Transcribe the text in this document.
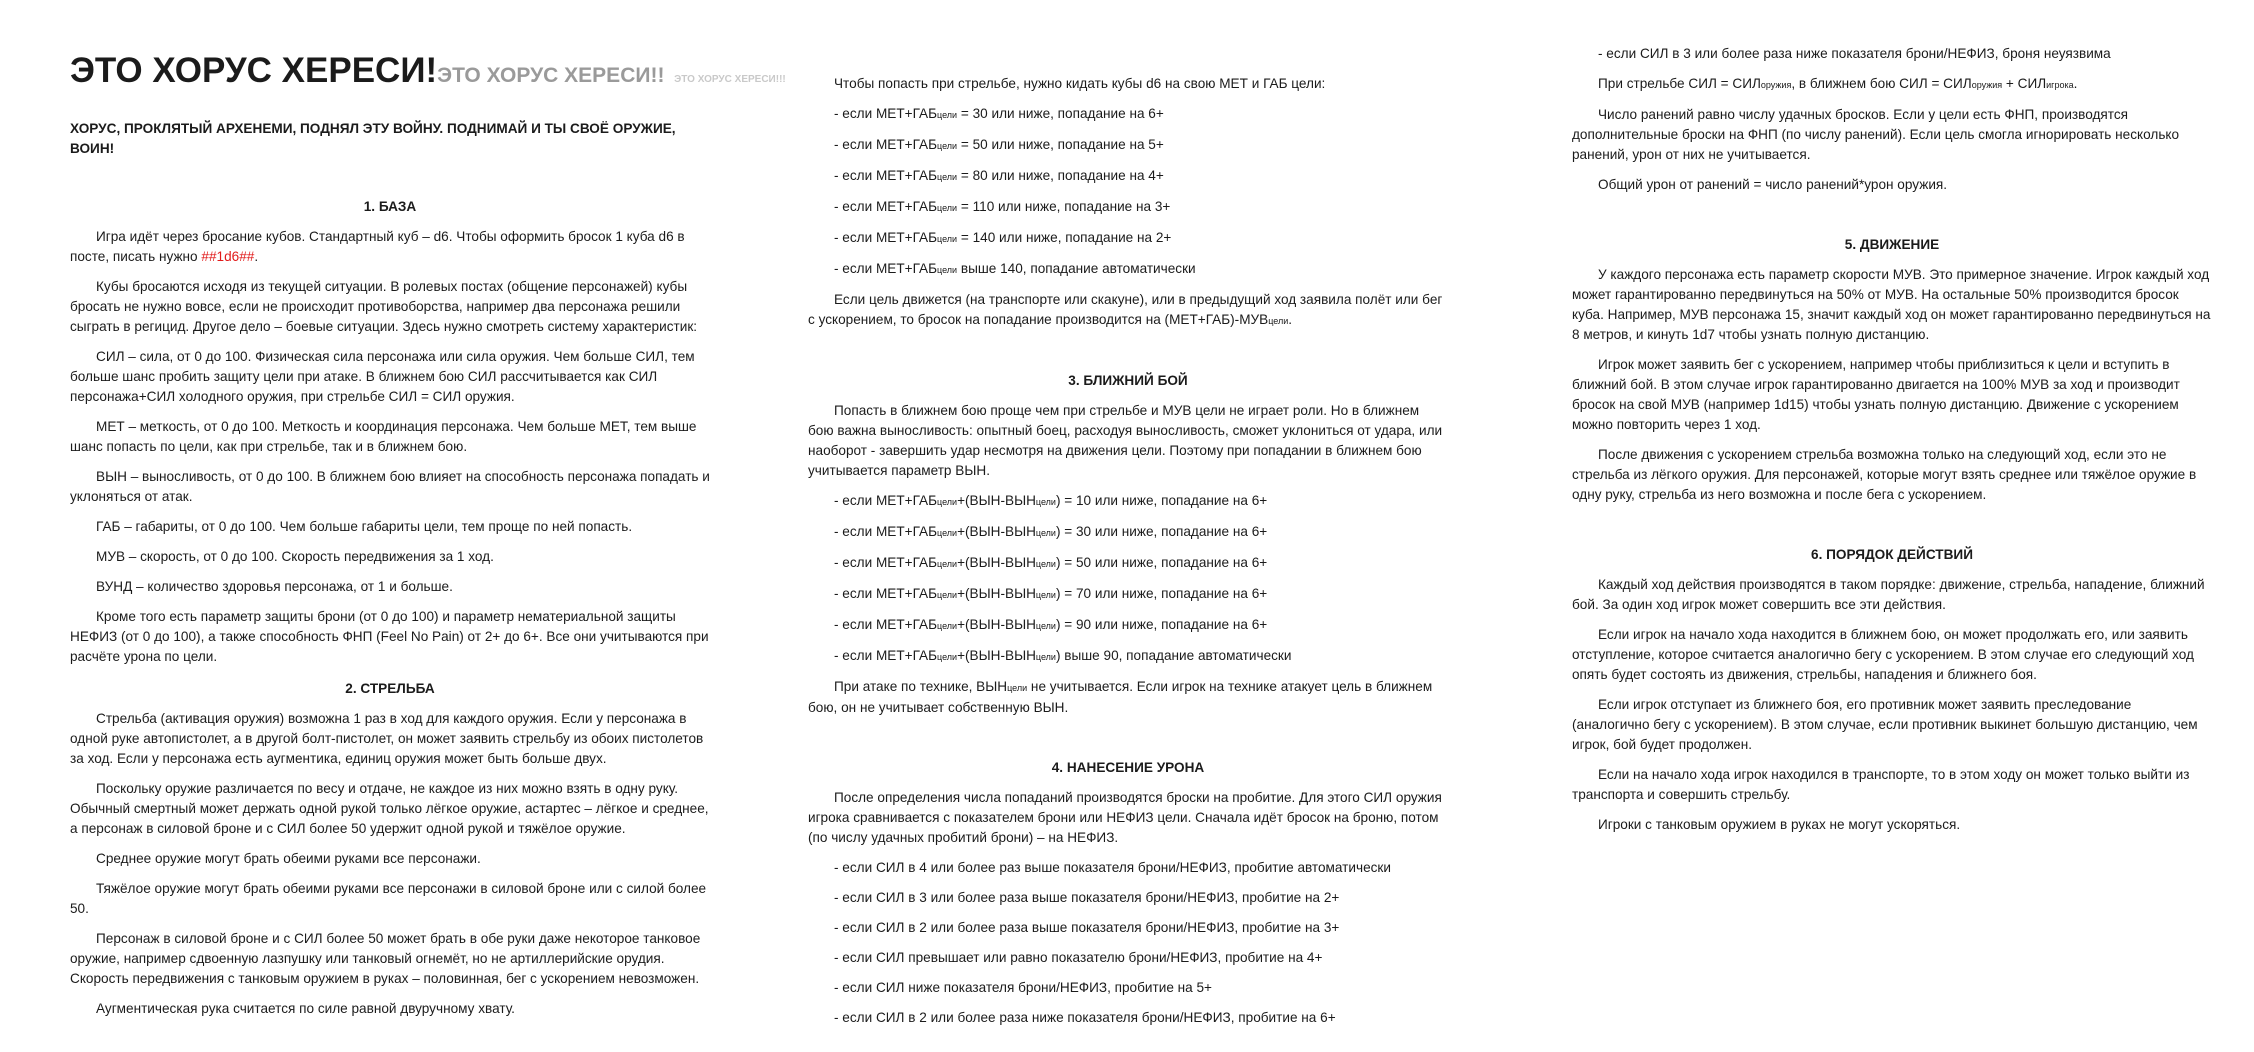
ЭТО ХОРУС ХЕРЕСИ!ЭТО ХОРУС ХЕРЕСИ!! ЭТО ХОРУС ХЕРЕСИ!!!

ХОРУС, ПРОКЛЯТЫЙ АРХЕНЕМИ, ПОДНЯЛ ЭТУ ВОЙНУ. ПОДНИМАЙ И ТЫ СВОЁ ОРУЖИЕ, ВОИН!

1. БАЗА

Игра идёт через бросание кубов. Стандартный куб – d6. Чтобы оформить бросок 1 куба d6 в посте, писать нужно ##1d6##.

Кубы бросаются исходя из текущей ситуации. В ролевых постах (общение персонажей) кубы бросать не нужно вовсе, если не происходит противоборства, например два персонажа решили сыграть в регицид. Другое дело – боевые ситуации. Здесь нужно смотреть систему характеристик:

СИЛ – сила, от 0 до 100. Физическая сила персонажа или сила оружия. Чем больше СИЛ, тем больше шанс пробить защиту цели при атаке. В ближнем бою СИЛ рассчитывается как СИЛ персонажа+СИЛ холодного оружия, при стрельбе СИЛ = СИЛ оружия.

МЕТ – меткость, от 0 до 100. Меткость и координация персонажа. Чем больше МЕТ, тем выше шанс попасть по цели, как при стрельбе, так и в ближнем бою.

ВЫН – выносливость, от 0 до 100. В ближнем бою влияет на способность персонажа попадать и уклоняться от атак.

ГАБ – габариты, от 0 до 100. Чем больше габариты цели, тем проще по ней попасть.

МУВ – скорость, от 0 до 100. Скорость передвижения за 1 ход.

ВУНД – количество здоровья персонажа, от 1 и больше.

Кроме того есть параметр защиты брони (от 0 до 100) и параметр нематериальной защиты НЕФИЗ (от 0 до 100), а также способность ФНП (Feel No Pain) от 2+ до 6+. Все они учитываются при расчёте урона по цели.

2. СТРЕЛЬБА

Стрельба (активация оружия) возможна 1 раз в ход для каждого оружия. Если у персонажа в одной руке автопистолет, а в другой болт-пистолет, он может заявить стрельбу из обоих пистолетов за ход. Если у персонажа есть аугментика, единиц оружия может быть больше двух.

Поскольку оружие различается по весу и отдаче, не каждое из них можно взять в одну руку. Обычный смертный может держать одной рукой только лёгкое оружие, астартес – лёгкое и среднее, а персонаж в силовой броне и с СИЛ более 50 удержит одной рукой и тяжёлое оружие.

Среднее оружие могут брать обеими руками все персонажи.

Тяжёлое оружие могут брать обеими руками все персонажи в силовой броне или с силой более 50.

Персонаж в силовой броне и с СИЛ более 50 может брать в обе руки даже некоторое танковое оружие, например сдвоенную лазпушку или танковый огнемёт, но не артиллерийские орудия. Скорость передвижения с танковым оружием в руках – половинная, бег с ускорением невозможен.

Аугментическая рука считается по силе равной двуручному хвату.

Чтобы попасть при стрельбе, нужно кидать кубы d6 на свою МЕТ и ГАБ цели:

- если МЕТ+ГАБцели = 30 или ниже, попадание на 6+

- если МЕТ+ГАБцели = 50 или ниже, попадание на 5+

- если МЕТ+ГАБцели = 80 или ниже, попадание на 4+

- если МЕТ+ГАБцели = 110 или ниже, попадание на 3+

- если МЕТ+ГАБцели = 140 или ниже, попадание на 2+

- если МЕТ+ГАБцели выше 140, попадание автоматически

Если цель движется (на транспорте или скакуне), или в предыдущий ход заявила полёт или бег с ускорением, то бросок на попадание производится на (МЕТ+ГАБ)-МУВцели.

3. БЛИЖНИЙ БОЙ

Попасть в ближнем бою проще чем при стрельбе и МУВ цели не играет роли. Но в ближнем бою важна выносливость: опытный боец, расходуя выносливость, сможет уклониться от удара, или наоборот - завершить удар несмотря на движения цели. Поэтому при попадании в ближнем бою учитывается параметр ВЫН.

- если МЕТ+ГАБцели+(ВЫН-ВЫНцели) = 10 или ниже, попадание на 6+

- если МЕТ+ГАБцели+(ВЫН-ВЫНцели) = 30 или ниже, попадание на 6+

- если МЕТ+ГАБцели+(ВЫН-ВЫНцели) = 50 или ниже, попадание на 6+

- если МЕТ+ГАБцели+(ВЫН-ВЫНцели) = 70 или ниже, попадание на 6+

- если МЕТ+ГАБцели+(ВЫН-ВЫНцели) = 90 или ниже, попадание на 6+

- если МЕТ+ГАБцели+(ВЫН-ВЫНцели) выше 90, попадание автоматически

При атаке по технике, ВЫНцели не учитывается. Если игрок на технике атакует цель в ближнем бою, он не учитывает собственную ВЫН.

4. НАНЕСЕНИЕ УРОНА

После определения числа попаданий производятся броски на пробитие. Для этого СИЛ оружия игрока сравнивается с показателем брони или НЕФИЗ цели. Сначала идёт бросок на броню, потом (по числу удачных пробитий брони) – на НЕФИЗ.

- если СИЛ в 4 или более раз выше показателя брони/НЕФИЗ, пробитие автоматически

- если СИЛ в 3 или более раза выше показателя брони/НЕФИЗ, пробитие на 2+

- если СИЛ в 2 или более раза выше показателя брони/НЕФИЗ, пробитие на 3+

- если СИЛ превышает или равно показателю брони/НЕФИЗ, пробитие на 4+

- если СИЛ ниже показателя брони/НЕФИЗ, пробитие на 5+

- если СИЛ в 2 или более раза ниже показателя брони/НЕФИЗ, пробитие на 6+

- если СИЛ в 3 или более раза ниже показателя брони/НЕФИЗ, броня неуязвима

При стрельбе СИЛ = СИЛоружия, в ближнем бою СИЛ = СИЛоружия + СИЛигрока.

Число ранений равно числу удачных бросков. Если у цели есть ФНП, производятся дополнительные броски на ФНП (по числу ранений). Если цель смогла игнорировать несколько ранений, урон от них не учитывается.

Общий урон от ранений = число ранений*урон оружия.

5. ДВИЖЕНИЕ

У каждого персонажа есть параметр скорости МУВ. Это примерное значение. Игрок каждый ход может гарантированно передвинуться на 50% от МУВ. На остальные 50% производится бросок куба. Например, МУВ персонажа 15, значит каждый ход он может гарантированно передвинуться на 8 метров, и кинуть 1d7 чтобы узнать полную дистанцию.

Игрок может заявить бег с ускорением, например чтобы приблизиться к цели и вступить в ближний бой. В этом случае игрок гарантированно двигается на 100% МУВ за ход и производит бросок на свой МУВ (например 1d15) чтобы узнать полную дистанцию. Движение с ускорением можно повторить через 1 ход.

После движения с ускорением стрельба возможна только на следующий ход, если это не стрельба из лёгкого оружия. Для персонажей, которые могут взять среднее или тяжёлое оружие в одну руку, стрельба из него возможна и после бега с ускорением.

6. ПОРЯДОК ДЕЙСТВИЙ

Каждый ход действия производятся в таком порядке: движение, стрельба, нападение, ближний бой. За один ход игрок может совершить все эти действия.

Если игрок на начало хода находится в ближнем бою, он может продолжать его, или заявить отступление, которое считается аналогично бегу с ускорением. В этом случае его следующий ход опять будет состоять из движения, стрельбы, нападения и ближнего боя.

Если игрок отступает из ближнего боя, его противник может заявить преследование (аналогично бегу с ускорением). В этом случае, если противник выкинет большую дистанцию, чем игрок, бой будет продолжен.

Если на начало хода игрок находился в транспорте, то в этом ходу он может только выйти из транспорта и совершить стрельбу.

Игроки с танковым оружием в руках не могут ускоряться.
